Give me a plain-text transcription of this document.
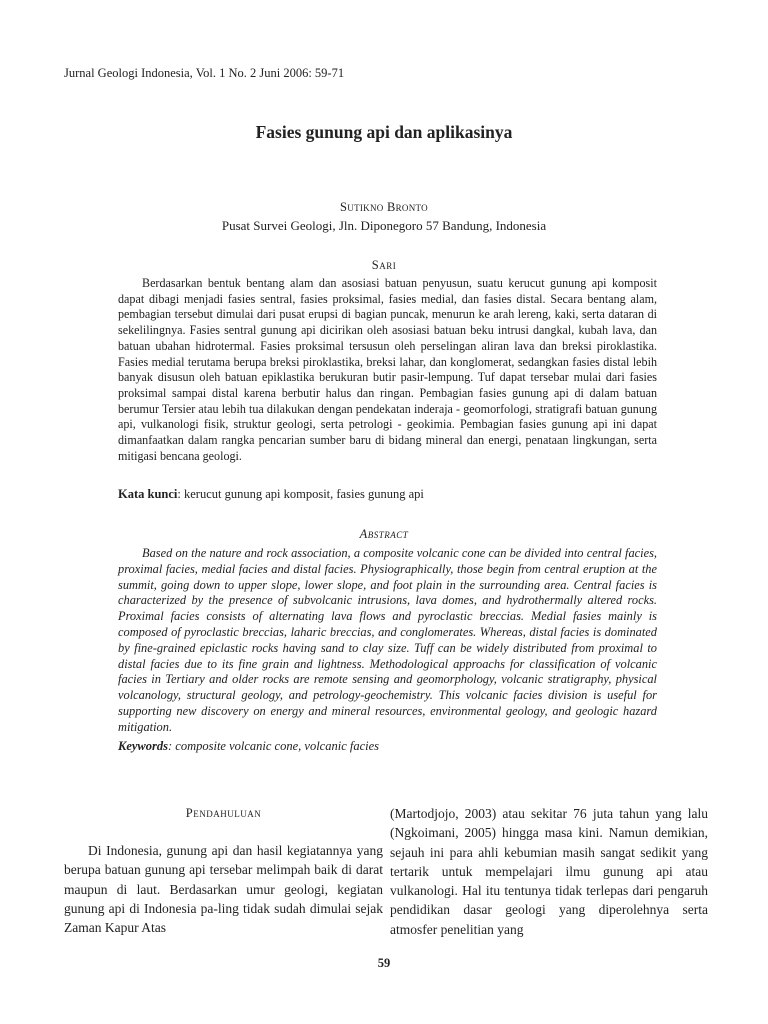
Jurnal Geologi Indonesia, Vol. 1 No. 2 Juni 2006: 59-71
Fasies gunung api dan aplikasinya
Sutikno Bronto
Pusat Survei Geologi, Jln. Diponegoro 57 Bandung, Indonesia
Sari
Berdasarkan bentuk bentang alam dan asosiasi batuan penyusun, suatu kerucut gunung api komposit dapat dibagi menjadi fasies sentral, fasies proksimal, fasies medial, dan fasies distal. Secara bentang alam, pembagian tersebut dimulai dari pusat erupsi di bagian puncak, menurun ke arah lereng, kaki, serta dataran di sekelilingnya. Fasies sentral gunung api dicirikan oleh asosiasi batuan beku intrusi dangkal, kubah lava, dan batuan ubahan hidrotermal. Fasies proksimal tersusun oleh perselingan aliran lava dan breksi piroklastika. Fasies medial terutama berupa breksi piroklastika, breksi lahar, dan konglomerat, sedangkan fasies distal lebih banyak disusun oleh batuan epiklastika berukuran butir pasir-lempung. Tuf dapat tersebar mulai dari fasies proksimal sampai distal karena berbutir halus dan ringan. Pembagian fasies gunung api di dalam batuan berumur Tersier atau lebih tua dilakukan dengan pendekatan inderaja - geomorfologi, stratigrafi batuan gunung api, vulkanologi fisik, struktur geologi, serta petrologi - geokimia. Pembagian fasies gunung api ini dapat dimanfaatkan dalam rangka pencarian sumber baru di bidang mineral dan energi, penataan lingkungan, serta mitigasi bencana geologi.
Kata kunci: kerucut gunung api komposit, fasies gunung api
Abstract
Based on the nature and rock association, a composite volcanic cone can be divided into central facies, proximal facies, medial facies and distal facies. Physiographically, those begin from central eruption at the summit, going down to upper slope, lower slope, and foot plain in the surrounding area. Central facies is characterized by the presence of subvolcanic intrusions, lava domes, and hydrothermally altered rocks. Proximal facies consists of alternating lava flows and pyroclastic breccias. Medial fasies mainly is composed of pyroclastic breccias, laharic breccias, and conglomerates. Whereas, distal facies is dominated by fine-grained epiclastic rocks having sand to clay size. Tuff can be widely distributed from proximal to distal facies due to its fine grain and lightness. Methodological approachs for classification of volcanic facies in Tertiary and older rocks are remote sensing and geomorphology, volcanic stratigraphy, physical volcanology, structural geology, and petrology-geochemistry. This volcanic facies division is useful for supporting new discovery on energy and mineral resources, environmental geology, and geologic hazard mitigation.
Keywords: composite volcanic cone, volcanic facies
Pendahuluan
Di Indonesia, gunung api dan hasil kegiatannya yang berupa batuan gunung api tersebar melimpah baik di darat maupun di laut. Berdasarkan umur geologi, kegiatan gunung api di Indonesia pa-ling tidak sudah dimulai sejak Zaman Kapur Atas
(Martodjojo, 2003) atau sekitar 76 juta tahun yang lalu (Ngkoimani, 2005) hingga masa kini. Namun demikian, sejauh ini para ahli kebumian masih sangat sedikit yang tertarik untuk mempelajari ilmu gunung api atau vulkanologi. Hal itu tentunya tidak terlepas dari pengaruh pendidikan dasar geologi yang diperolehnya serta atmosfer penelitian yang
59
